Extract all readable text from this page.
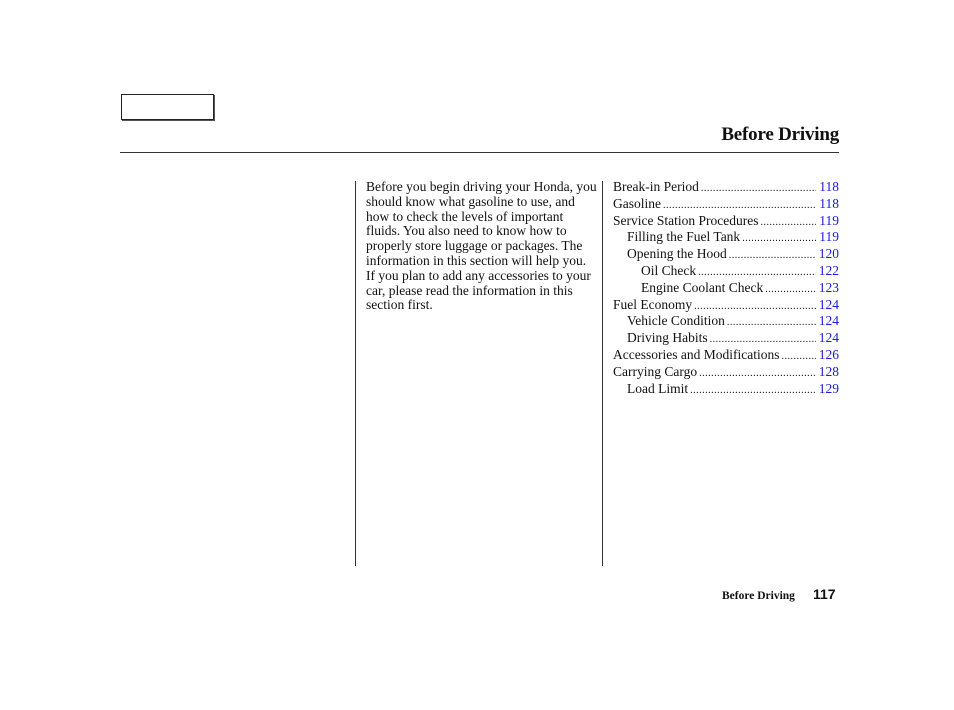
Before Driving

Before you begin driving your Honda, you should know what gasoline to use, and how to check the levels of important fluids. You also need to know how to properly store luggage or packages. The information in this section will help you. If you plan to add any accessories to your car, please read the information in this section first.

Break-in Period .....	118
Gasoline .....	118
Service Station Procedures .....	119
Filling the Fuel Tank .....	119
Opening the Hood .....	120
Oil Check .....	122
Engine Coolant Check .....	123
Fuel Economy .....	124
Vehicle Condition .....	124
Driving Habits .....	124
Accessories and Modifications .....	126
Carrying Cargo .....	128
Load Limit .....	129
Before Driving 117
